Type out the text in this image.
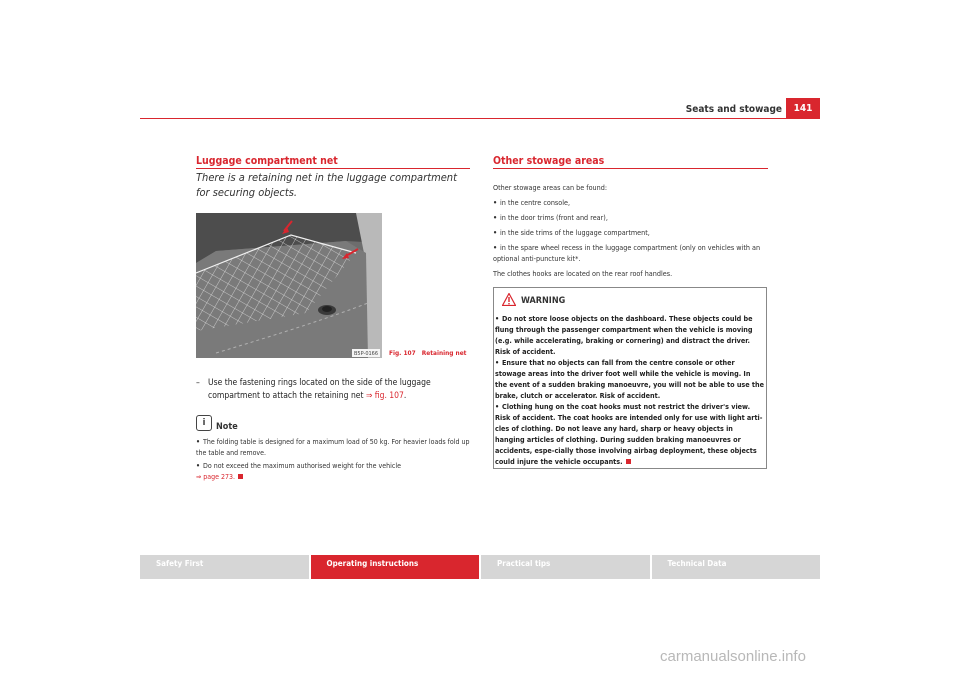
Seats and stowage	141
Luggage compartment net
There is a retaining net in the luggage compartment for securing objects.
B5P-0166 Fig. 107 Retaining net
– Use the fastening rings located on the side of the luggage compartment to attach the retaining net ⇒ fig. 107.
i	Note
• The folding table is designed for a maximum load of 50 kg. For heavier loads fold up the table and remove.
• Do not exceed the maximum authorised weight for the vehicle
⇒ page 273.
Other stowage areas

Other stowage areas can be found:

• in the centre console,

• in the door trims (front and rear),

• in the side trims of the luggage compartment,

• in the spare wheel recess in the luggage compartment (only on vehicles with an optional anti-puncture kit*.

The clothes hooks are located on the rear roof handles.

WARNING

• Do not store loose objects on the dashboard. These objects could be flung through the passenger compartment when the vehicle is moving (e.g. while accelerating, braking or cornering) and distract the driver. Risk of accident.

• Ensure that no objects can fall from the centre console or other stowage areas into the driver foot well while the vehicle is moving. In the event of a sudden braking manoeuvre, you will not be able to use the brake, clutch or accelerator. Risk of accident.

• Clothing hung on the coat hooks must not restrict the driver's view. Risk of accident. The coat hooks are intended only for use with light arti-cles of clothing. Do not leave any hard, sharp or heavy objects in hanging articles of clothing. During sudden braking manoeuvres or accidents, espe-cially those involving airbag deployment, these objects could injure the vehicle occupants.

Safety First	Operating instructions	Practical tips	Technical Data
carmanualsonline.info
